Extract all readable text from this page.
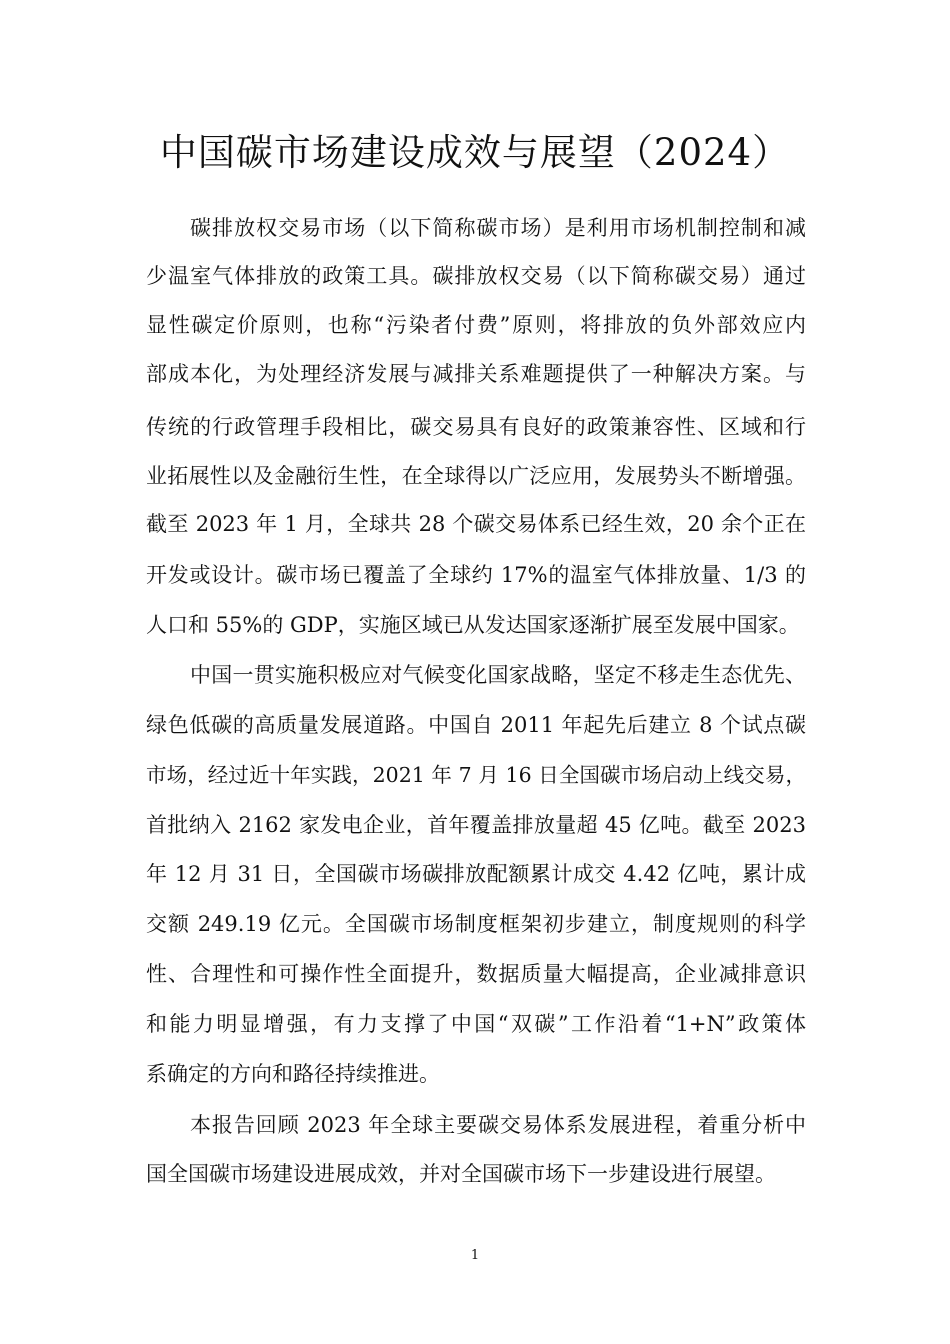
中国碳市场建设成效与展望（2024）
碳排放权交易市场（以下简称碳市场）是利用市场机制控制和减
少温室气体排放的政策工具。碳排放权交易（以下简称碳交易）通过
显性碳定价原则，也称“污染者付费”原则，将排放的负外部效应内
部成本化，为处理经济发展与减排关系难题提供了一种解决方案。与
传统的行政管理手段相比，碳交易具有良好的政策兼容性、区域和行
业拓展性以及金融衍生性，在全球得以广泛应用，发展势头不断增强。
截至 2023 年 1 月，全球共 28 个碳交易体系已经生效，20 余个正在
开发或设计。碳市场已覆盖了全球约 17%的温室气体排放量、1/3 的
人口和 55%的 GDP，实施区域已从发达国家逐渐扩展至发展中国家。
中国一贯实施积极应对气候变化国家战略，坚定不移走生态优先、
绿色低碳的高质量发展道路。中国自 2011 年起先后建立 8 个试点碳
市场，经过近十年实践，2021 年 7 月 16 日全国碳市场启动上线交易，
首批纳入 2162 家发电企业，首年覆盖排放量超 45 亿吨。截至 2023
年 12 月 31 日，全国碳市场碳排放配额累计成交 4.42 亿吨，累计成
交额 249.19 亿元。全国碳市场制度框架初步建立，制度规则的科学
性、合理性和可操作性全面提升，数据质量大幅提高，企业减排意识
和能力明显增强，有力支撑了中国“双碳”工作沿着“1+N”政策体
系确定的方向和路径持续推进。
本报告回顾 2023 年全球主要碳交易体系发展进程，着重分析中
国全国碳市场建设进展成效，并对全国碳市场下一步建设进行展望。
1
